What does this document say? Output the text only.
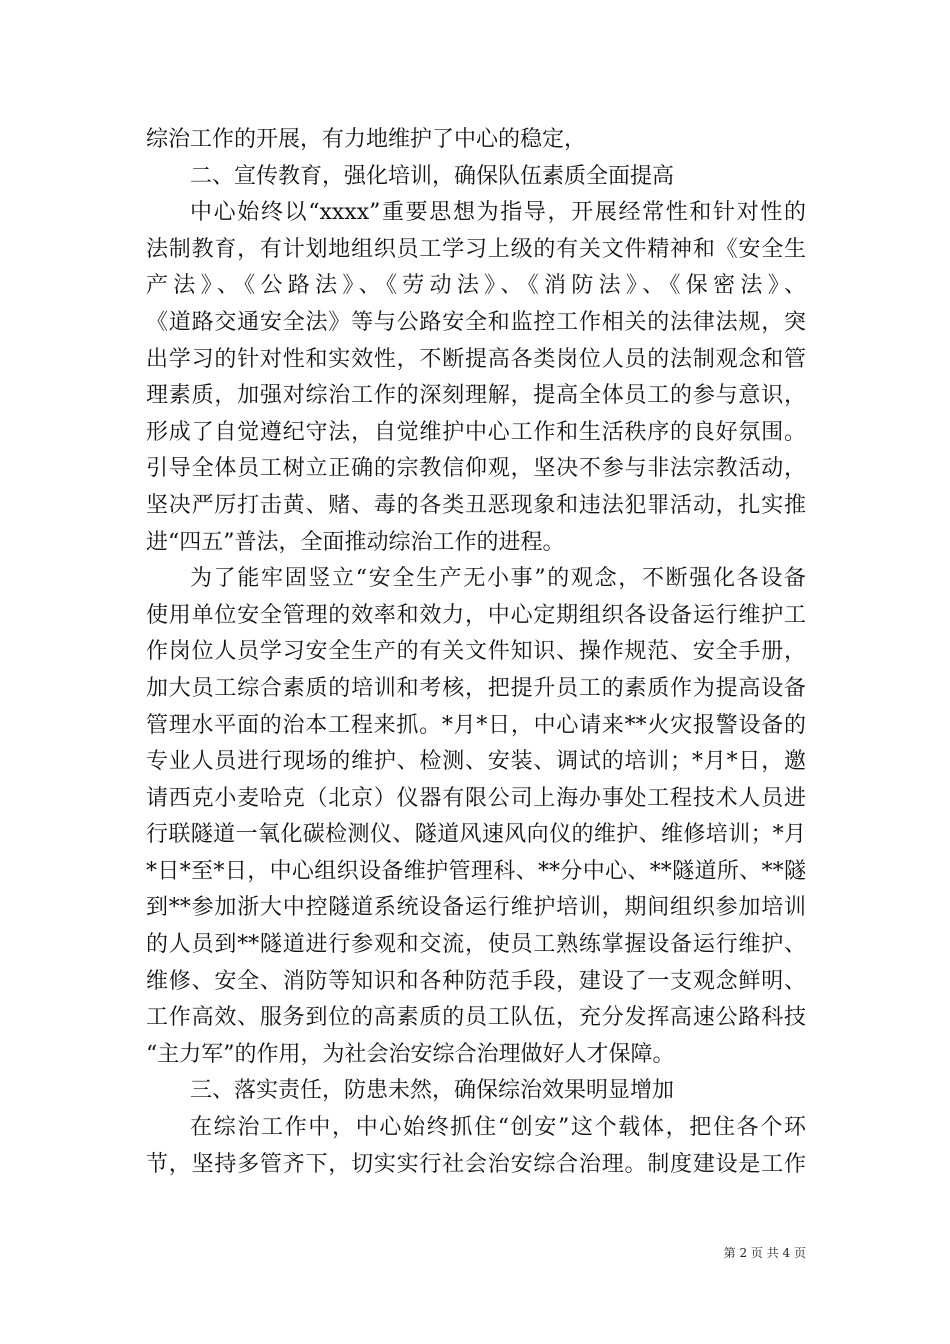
综治工作的开展，有力地维护了中心的稳定，
二、宣传教育，强化培训，确保队伍素质全面提高
中心始终以“xxxx”重要思想为指导，开展经常性和针对性的
法制教育，有计划地组织员工学习上级的有关文件精神和《安全生
产法》、《公路法》、《劳动法》、《消防法》、《保密法》、
《道路交通安全法》等与公路安全和监控工作相关的法律法规，突
出学习的针对性和实效性，不断提高各类岗位人员的法制观念和管
理素质，加强对综治工作的深刻理解，提高全体员工的参与意识，
形成了自觉遵纪守法，自觉维护中心工作和生活秩序的良好氛围。
引导全体员工树立正确的宗教信仰观，坚决不参与非法宗教活动，
坚决严厉打击黄、赌、毒的各类丑恶现象和违法犯罪活动，扎实推
进“四五”普法，全面推动综治工作的进程。
为了能牢固竖立“安全生产无小事”的观念，不断强化各设备
使用单位安全管理的效率和效力，中心定期组织各设备运行维护工
作岗位人员学习安全生产的有关文件知识、操作规范、安全手册，
加大员工综合素质的培训和考核，把提升员工的素质作为提高设备
管理水平面的治本工程来抓。*月*日，中心请来**火灾报警设备的
专业人员进行现场的维护、检测、安装、调试的培训；*月*日，邀
请西克小麦哈克（北京）仪器有限公司上海办事处工程技术人员进
行联隧道一氧化碳检测仪、隧道风速风向仪的维护、维修培训；*月
*日*至*日，中心组织设备维护管理科、**分中心、**隧道所、**隧
到**参加浙大中控隧道系统设备运行维护培训，期间组织参加培训
的人员到**隧道进行参观和交流，使员工熟练掌握设备运行维护、
维修、安全、消防等知识和各种防范手段，建设了一支观念鲜明、
工作高效、服务到位的高素质的员工队伍，充分发挥高速公路科技
“主力军”的作用，为社会治安综合治理做好人才保障。
三、落实责任，防患未然，确保综治效果明显增加
在综治工作中，中心始终抓住“创安”这个载体，把住各个环
节，坚持多管齐下，切实实行社会治安综合治理。制度建设是工作
第 2 页 共 4 页
